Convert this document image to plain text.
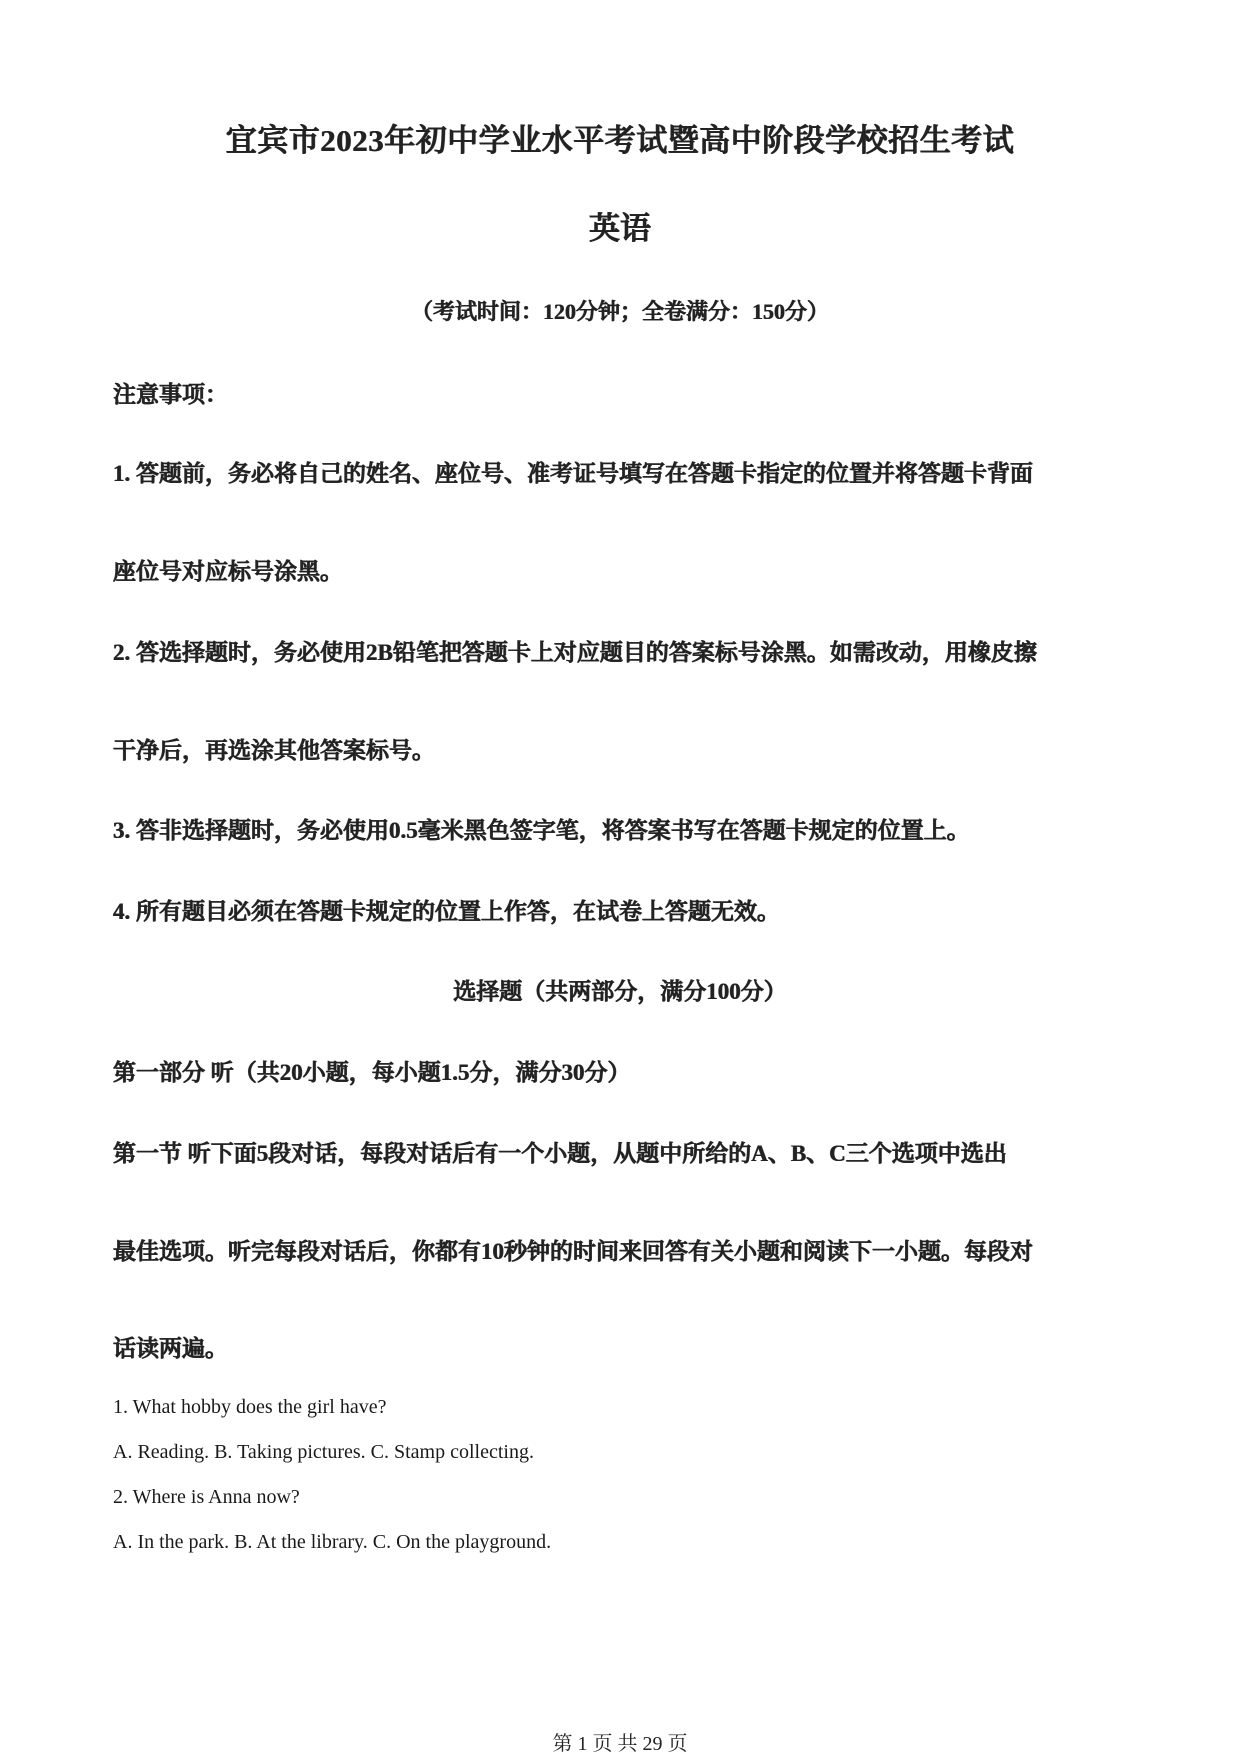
宜宾市2023年初中学业水平考试暨高中阶段学校招生考试
英语
（考试时间：120分钟；全卷满分：150分）
注意事项：
1. 答题前，务必将自己的姓名、座位号、准考证号填写在答题卡指定的位置并将答题卡背面
座位号对应标号涂黑。
2. 答选择题时，务必使用2B铅笔把答题卡上对应题目的答案标号涂黑。如需改动，用橡皮擦
干净后，再选涂其他答案标号。
3. 答非选择题时，务必使用0.5毫米黑色签字笔，将答案书写在答题卡规定的位置上。
4. 所有题目必须在答题卡规定的位置上作答，在试卷上答题无效。
选择题（共两部分，满分100分）
第一部分 听（共20小题，每小题1.5分，满分30分）
第一节 听下面5段对话，每段对话后有一个小题，从题中所给的A、B、C三个选项中选出
最佳选项。听完每段对话后，你都有10秒钟的时间来回答有关小题和阅读下一小题。每段对
话读两遍。
1. What hobby does the girl have?
A. Reading. B. Taking pictures. C. Stamp collecting.
2. Where is Anna now?
A. In the park. B. At the library. C. On the playground.
第 1 页 共 29 页
